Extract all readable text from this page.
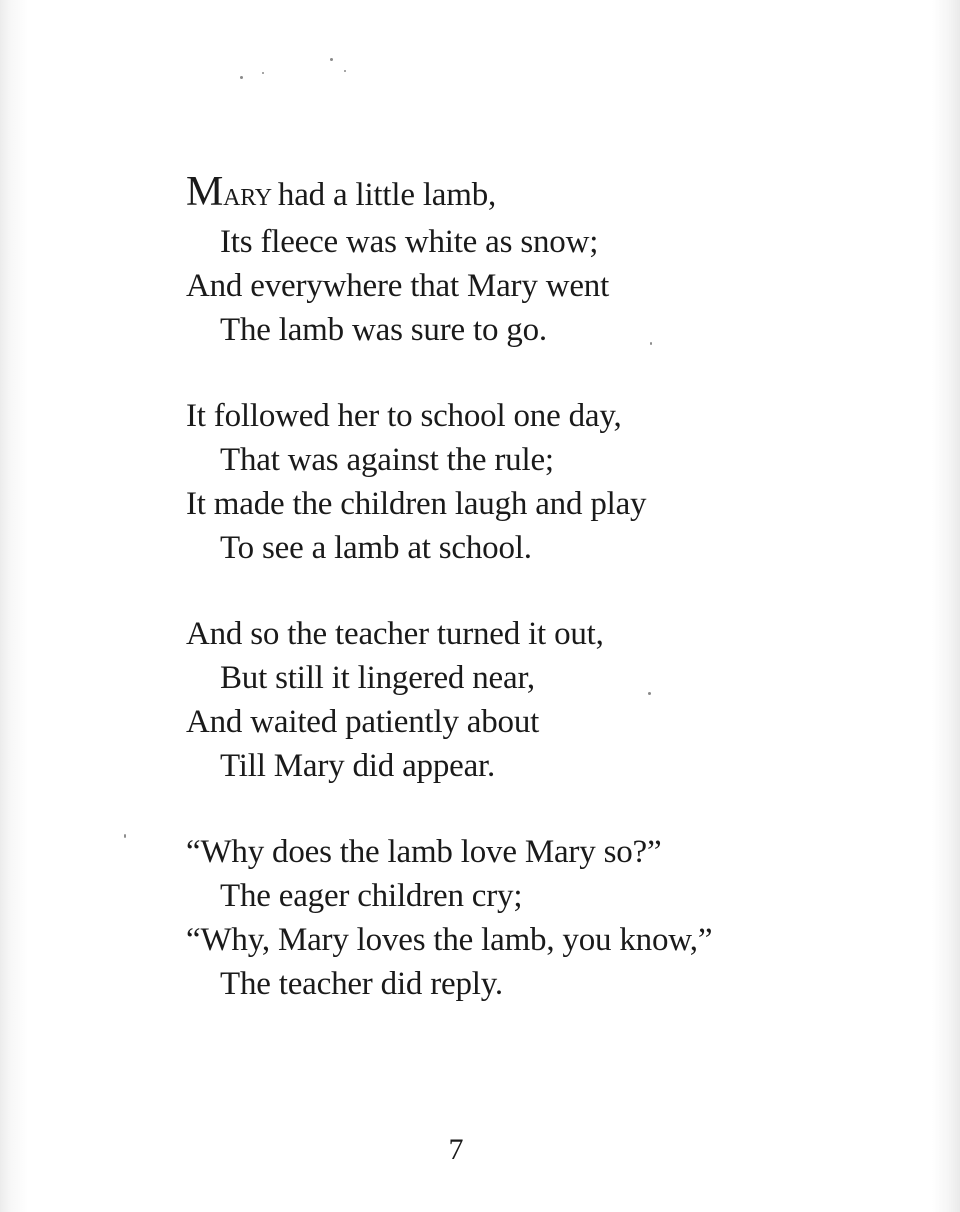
MARY had a little lamb,
Its fleece was white as snow;
And everywhere that Mary went
The lamb was sure to go.
It followed her to school one day,
That was against the rule;
It made the children laugh and play
To see a lamb at school.
And so the teacher turned it out,
But still it lingered near,
And waited patiently about
Till Mary did appear.
“Why does the lamb love Mary so?”
The eager children cry;
“Why, Mary loves the lamb, you know,”
The teacher did reply.
7
